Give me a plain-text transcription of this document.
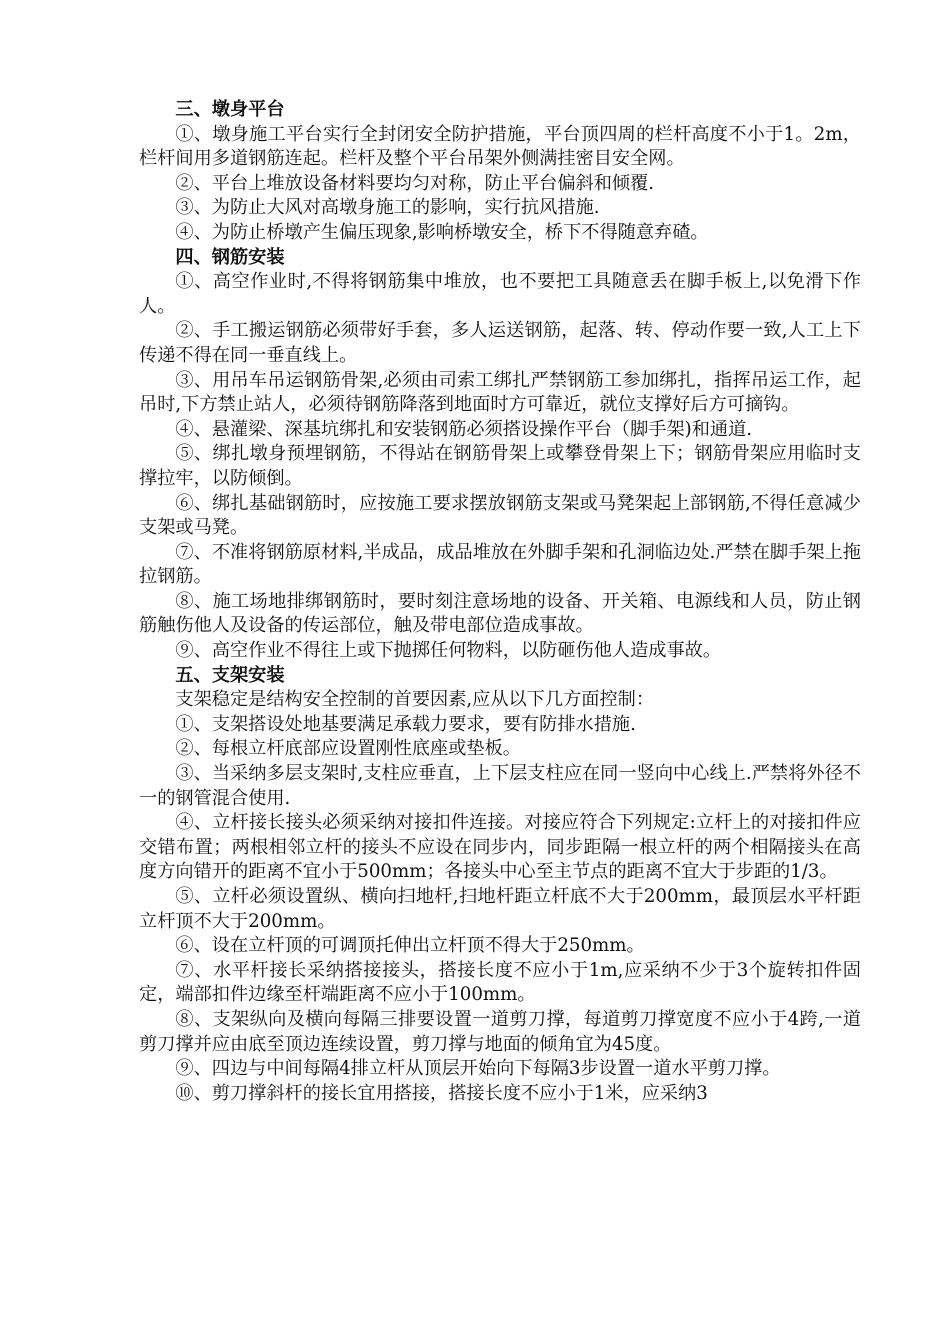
三、墩身平台

①、墩身施工平台实行全封闭安全防护措施，平台顶四周的栏杆高度不小于1。2m，栏杆间用多道钢筋连起。栏杆及整个平台吊架外侧满挂密目安全网。

②、平台上堆放设备材料要均匀对称，防止平台偏斜和倾覆.

③、为防止大风对高墩身施工的影响，实行抗风措施.

④、为防止桥墩产生偏压现象,影响桥墩安全，桥下不得随意弃碴。

四、钢筋安装

①、高空作业时,不得将钢筋集中堆放，也不要把工具随意丢在脚手板上,以免滑下作人。

②、手工搬运钢筋必须带好手套，多人运送钢筋，起落、转、停动作要一致,人工上下传递不得在同一垂直线上。

③、用吊车吊运钢筋骨架,必须由司索工绑扎严禁钢筋工参加绑扎，指挥吊运工作，起吊时,下方禁止站人，必须待钢筋降落到地面时方可靠近，就位支撑好后方可摘钩。

④、悬灌梁、深基坑绑扎和安装钢筋必须搭设操作平台（脚手架)和通道.

⑤、绑扎墩身预埋钢筋，不得站在钢筋骨架上或攀登骨架上下；钢筋骨架应用临时支撑拉牢，以防倾倒。

⑥、绑扎基础钢筋时，应按施工要求摆放钢筋支架或马凳架起上部钢筋,不得任意减少支架或马凳。

⑦、不准将钢筋原材料,半成品，成品堆放在外脚手架和孔洞临边处.严禁在脚手架上拖拉钢筋。

⑧、施工场地排绑钢筋时，要时刻注意场地的设备、开关箱、电源线和人员，防止钢筋触伤他人及设备的传运部位，触及带电部位造成事故。

⑨、高空作业不得往上或下抛掷任何物料，以防砸伤他人造成事故。

五、支架安装

支架稳定是结构安全控制的首要因素,应从以下几方面控制：

①、支架搭设处地基要满足承载力要求，要有防排水措施.

②、每根立杆底部应设置刚性底座或垫板。

③、当采纳多层支架时,支柱应垂直，上下层支柱应在同一竖向中心线上.严禁将外径不一的钢管混合使用.

④、立杆接长接头必须采纳对接扣件连接。对接应符合下列规定:立杆上的对接扣件应交错布置；两根相邻立杆的接头不应设在同步内，同步距隔一根立杆的两个相隔接头在高度方向错开的距离不宜小于500mm；各接头中心至主节点的距离不宜大于步距的1/3。

⑤、立杆必须设置纵、横向扫地杆,扫地杆距立杆底不大于200mm，最顶层水平杆距立杆顶不大于200mm。

⑥、设在立杆顶的可调顶托伸出立杆顶不得大于250mm。

⑦、水平杆接长采纳搭接接头，搭接长度不应小于1m,应采纳不少于3个旋转扣件固定，端部扣件边缘至杆端距离不应小于100mm。

⑧、支架纵向及横向每隔三排要设置一道剪刀撑，每道剪刀撑宽度不应小于4跨,一道剪刀撑并应由底至顶边连续设置，剪刀撑与地面的倾角宜为45度。

⑨、四边与中间每隔4排立杆从顶层开始向下每隔3步设置一道水平剪刀撑。

⑩、剪刀撑斜杆的接长宜用搭接，搭接长度不应小于1米，应采纳3
